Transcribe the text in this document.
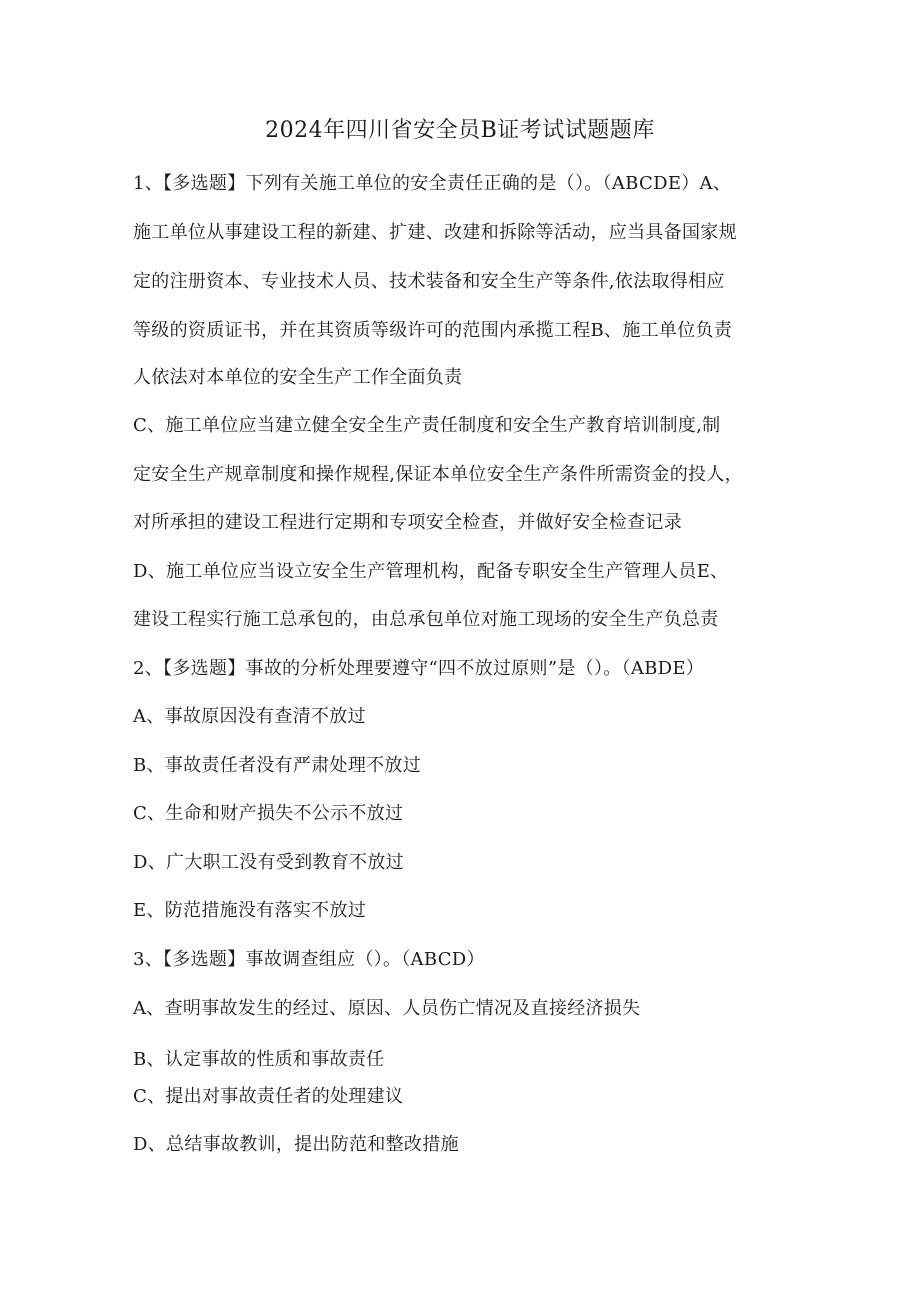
2024年四川省安全员B证考试试题题库
1、【多选题】下列有关施工单位的安全责任正确的是（）。（ABCDE）A、
施工单位从事建设工程的新建、扩建、改建和拆除等活动，应当具备国家规
定的注册资本、专业技术人员、技术装备和安全生产等条件,依法取得相应
等级的资质证书，并在其资质等级许可的范围内承揽工程B、施工单位负责
人依法对本单位的安全生产工作全面负责
C、施工单位应当建立健全安全生产责任制度和安全生产教育培训制度,制
定安全生产规章制度和操作规程,保证本单位安全生产条件所需资金的投人，
对所承担的建设工程进行定期和专项安全检查，并做好安全检查记录
D、施工单位应当设立安全生产管理机构，配备专职安全生产管理人员E、
建设工程实行施工总承包的，由总承包单位对施工现场的安全生产负总责
2、【多选题】事故的分析处理要遵守“四不放过原则”是（）。（ABDE）
A、事故原因没有查清不放过
B、事故责任者没有严肃处理不放过
C、生命和财产损失不公示不放过
D、广大职工没有受到教育不放过
E、防范措施没有落实不放过
3、【多选题】事故调查组应（）。（ABCD）
A、查明事故发生的经过、原因、人员伤亡情况及直接经济损失
B、认定事故的性质和事故责任
C、提出对事故责任者的处理建议
D、总结事故教训，提出防范和整改措施
